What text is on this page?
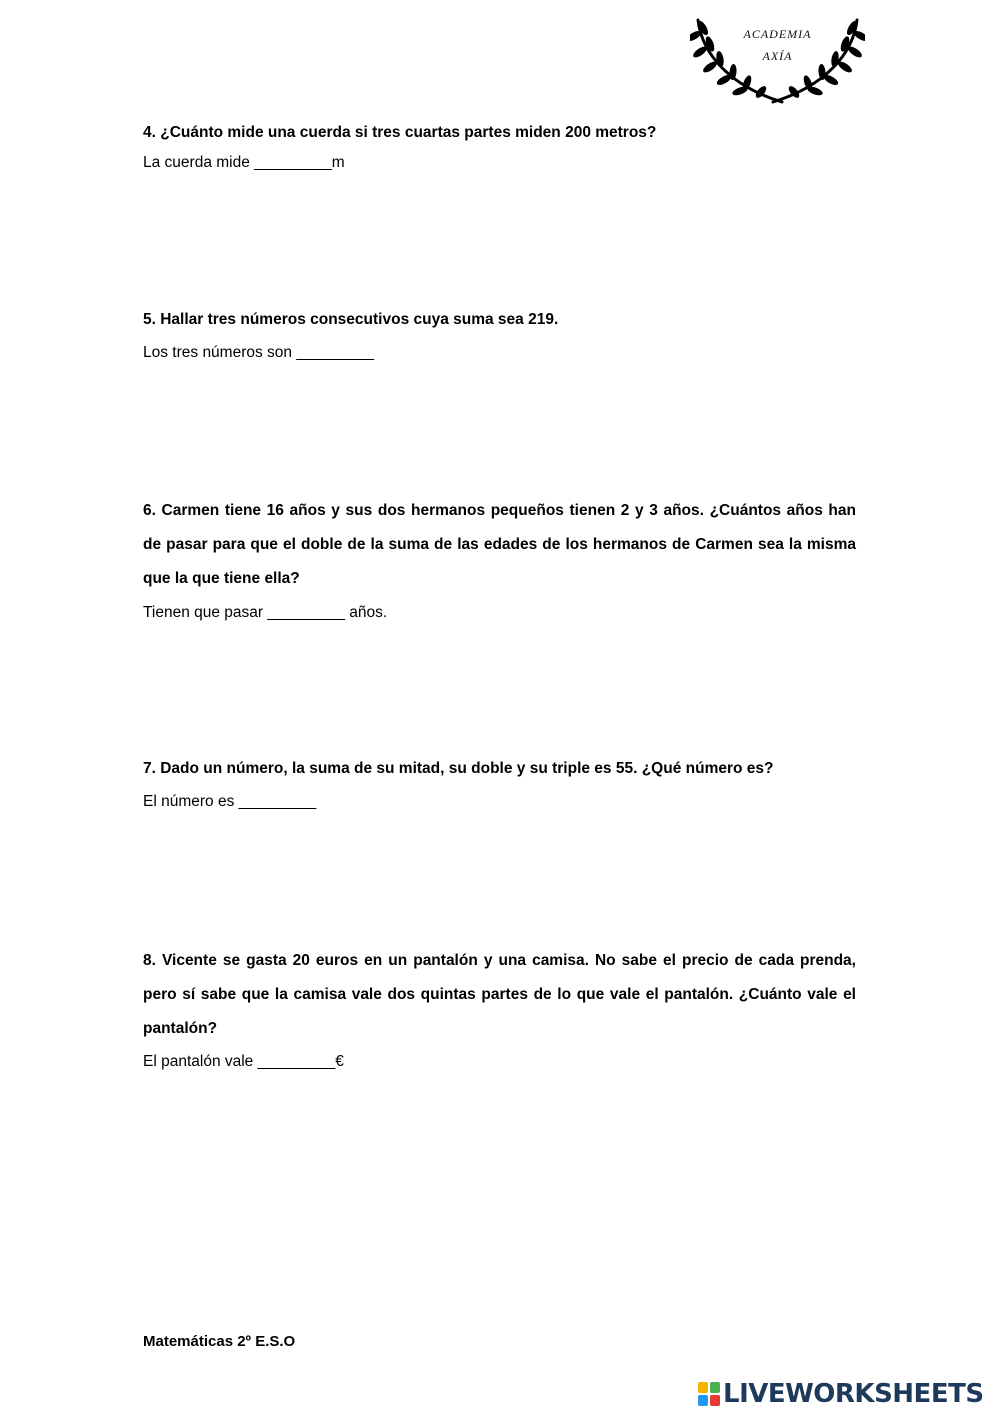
ACADEMIA
AXÍA

4. ¿Cuánto mide una cuerda si tres cuartas partes miden 200 metros?

La cuerda mide _________m

5. Hallar tres números consecutivos cuya suma sea 219.

Los tres números son _________

6. Carmen tiene 16 años y sus dos hermanos pequeños tienen 2 y 3 años. ¿Cuántos años han de pasar para que el doble de la suma de las edades de los hermanos de Carmen sea la misma que la que tiene ella?

Tienen que pasar _________ años.

7. Dado un número, la suma de su mitad, su doble y su triple es 55. ¿Qué número es?

El número es _________

8. Vicente se gasta 20 euros en un pantalón y una camisa. No sabe el precio de cada prenda, pero sí sabe que la camisa vale dos quintas partes de lo que vale el pantalón. ¿Cuánto vale el pantalón?

El pantalón vale _________€

Matemáticas 2º E.S.O

LIVEWORKSHEETS
